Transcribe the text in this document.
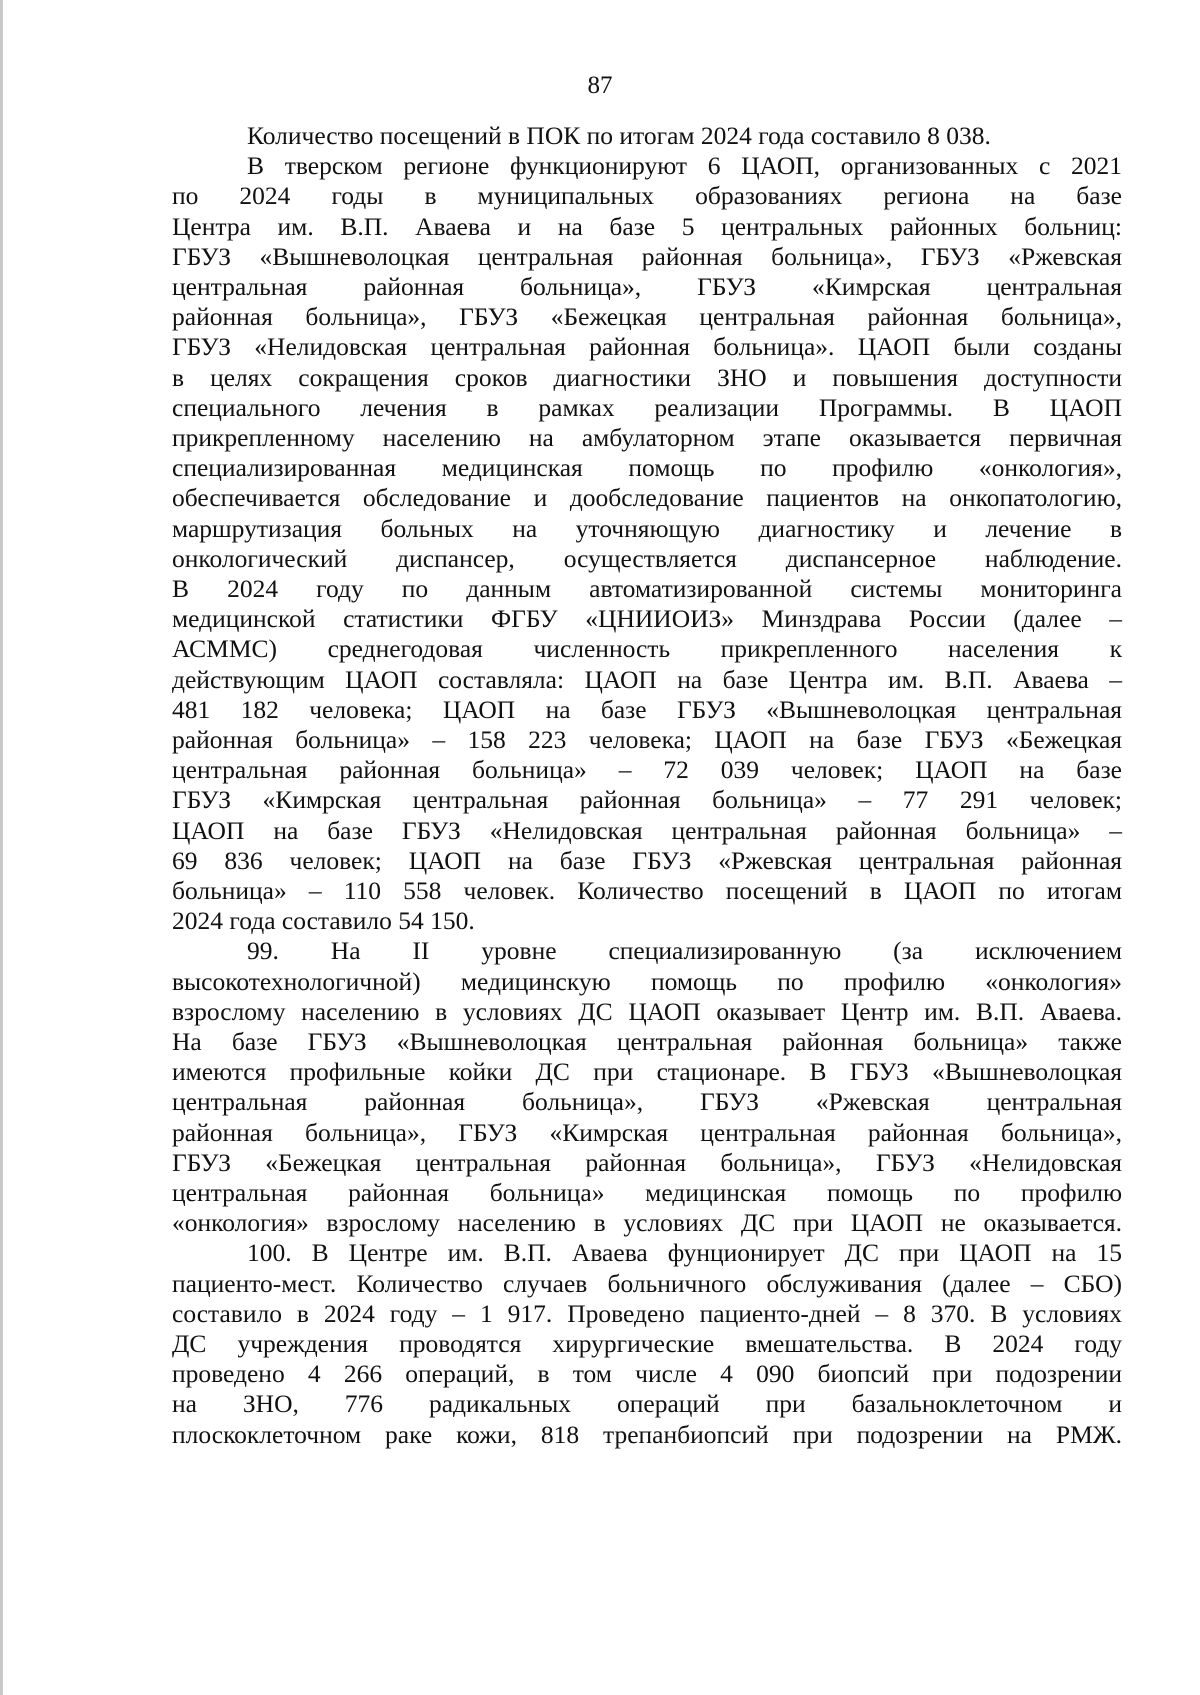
87
Количество посещений в ПОК по итогам 2024 года составило 8 038.
В тверском регионе функционируют 6 ЦАОП, организованных с 2021
по 2024 годы в муниципальных образованиях региона на базе
Центра им. В.П. Аваева и на базе 5 центральных районных больниц:
ГБУЗ «Вышневолоцкая центральная районная больница», ГБУЗ «Ржевская
центральная районная больница», ГБУЗ «Кимрская центральная
районная больница», ГБУЗ «Бежецкая центральная районная больница»,
ГБУЗ «Нелидовская центральная районная больница». ЦАОП были созданы
в целях сокращения сроков диагностики ЗНО и повышения доступности
специального лечения в рамках реализации Программы. В ЦАОП
прикрепленному населению на амбулаторном этапе оказывается первичная
специализированная медицинская помощь по профилю «онкология»,
обеспечивается обследование и дообследование пациентов на онкопатологию,
маршрутизация больных на уточняющую диагностику и лечение в
онкологический диспансер, осуществляется диспансерное наблюдение.
В 2024 году по данным автоматизированной системы мониторинга
медицинской статистики ФГБУ «ЦНИИОИЗ» Минздрава России (далее –
АСММС) среднегодовая численность прикрепленного населения к
действующим ЦАОП составляла: ЦАОП на базе Центра им. В.П. Аваева –
481 182 человека; ЦАОП на базе ГБУЗ «Вышневолоцкая центральная
районная больница» – 158 223 человека; ЦАОП на базе ГБУЗ «Бежецкая
центральная районная больница» – 72 039 человек; ЦАОП на базе
ГБУЗ «Кимрская центральная районная больница» – 77 291 человек;
ЦАОП на базе ГБУЗ «Нелидовская центральная районная больница» –
69 836 человек; ЦАОП на базе ГБУЗ «Ржевская центральная районная
больница» – 110 558 человек. Количество посещений в ЦАОП по итогам
2024 года составило 54 150.
99. На II уровне специализированную (за исключением
высокотехнологичной) медицинскую помощь по профилю «онкология»
взрослому населению в условиях ДС ЦАОП оказывает Центр им. В.П. Аваева.
На базе ГБУЗ «Вышневолоцкая центральная районная больница» также
имеются профильные койки ДС при стационаре. В ГБУЗ «Вышневолоцкая
центральная районная больница», ГБУЗ «Ржевская центральная
районная больница», ГБУЗ «Кимрская центральная районная больница»,
ГБУЗ «Бежецкая центральная районная больница», ГБУЗ «Нелидовская
центральная районная больница» медицинская помощь по профилю
«онкология» взрослому населению в условиях ДС при ЦАОП не оказывается.
100. В Центре им. В.П. Аваева фунционирует ДС при ЦАОП на 15
пациенто-мест. Количество случаев больничного обслуживания (далее – СБО)
составило в 2024 году – 1 917. Проведено пациенто-дней – 8 370. В условиях
ДС учреждения проводятся хирургические вмешательства. В 2024 году
проведено 4 266 операций, в том числе 4 090 биопсий при подозрении
на ЗНО, 776 радикальных операций при базальноклеточном и
плоскоклеточном раке кожи, 818 трепанбиопсий при подозрении на РМЖ.
